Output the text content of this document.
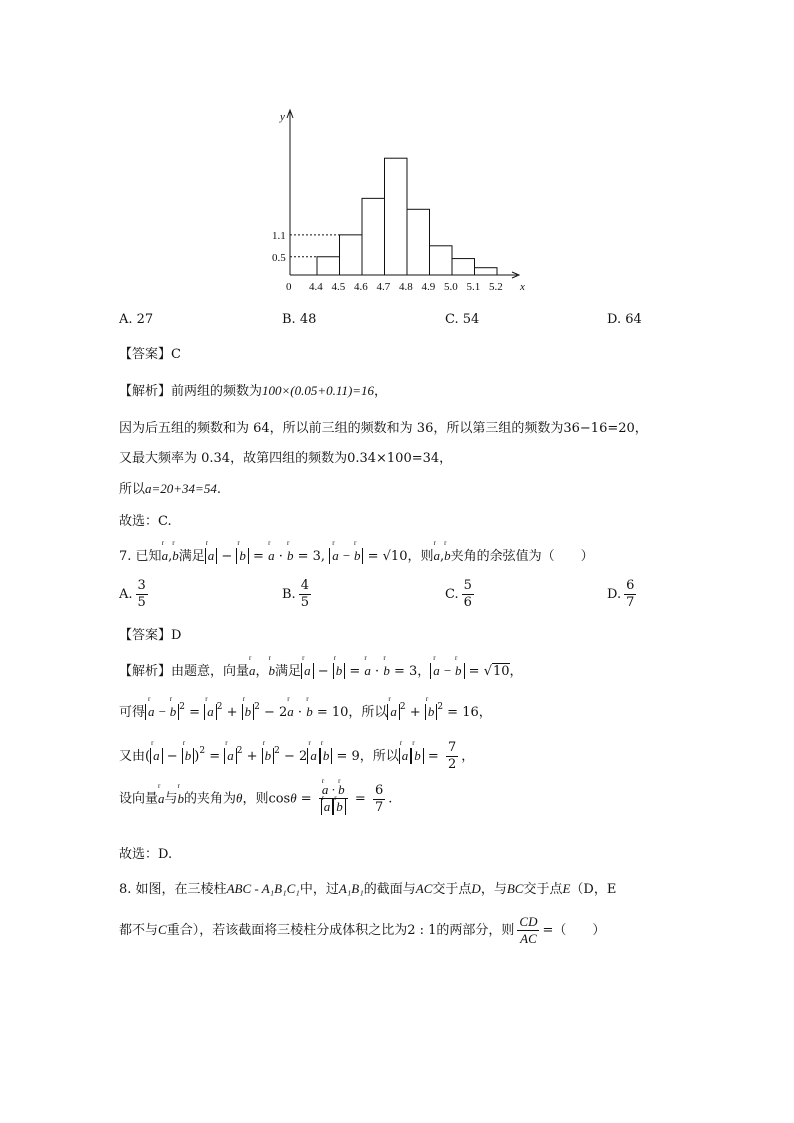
0.5
1.1
4.4 4.5 4.6 4.7 4.8 4.9 5.0 5.1 5.2
0	x
y
A. 27	B. 48	C. 54	D. 64
【答案】C
【解析】前两组的频数为100×(0.05+0.11)=16，
因为后五组的频数和为 64，所以前三组的频数和为 36，所以第三组的频数为36−16=20，
又最大频率为 0.34，故第四组的频数为0.34×100=34，
所以a=20+34=54.
故选：C.
7. 已知r a,r b满足 r a − r b = r a · r b = 3, r a − r b = √10，则r a,r b夹角的余弦值为（　　）
A. $\frac{3}{5}$	B. $\frac{4}{5}$	C. $\frac{5}{6}$	D. $\frac{6}{7}$
【答案】D
【解析】由题意，向量r a，r b满足 r a − r b = r a · r b = 3， r a − r b = √10，
可得 r a − r b $^2$ = r a $^2$ + r b $^2$ − 2r a · r b = 10，所以 r a $^2$ + r b $^2$ = 16，
又由( r a − r b )$^2$ = r a $^2$ + r b $^2$ − 2 r a r b = 9，所以 r a r $b = \frac{7}{2}$ ，
设向量r a与r b的夹角为θ，则cosθ = r a · r b
r a r $b = \frac{6}{7}$ .
故选：D.
8. 如图，在三棱柱ABC - A₁B₁C₁中，过A₁B₁的截面与AC交于点D，与BC交于点E（D，E
都不与C重合），若该截面将三棱柱分成体积之比为2 : 1的两部分，则 $\frac{CD}{AC}$ =（　　）
